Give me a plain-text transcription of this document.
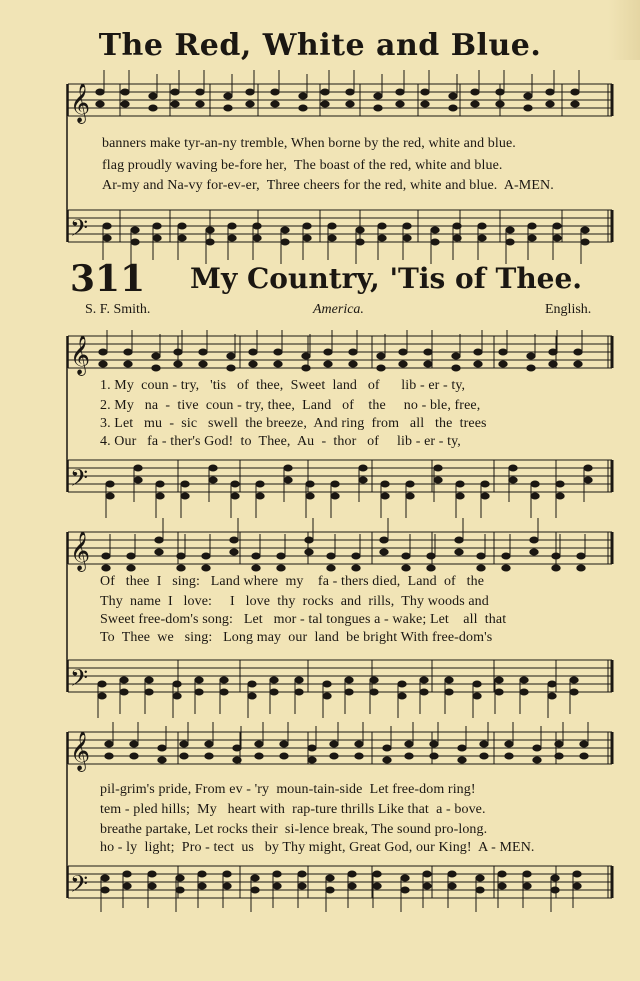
The Red, White and Blue.
banners make tyr-an-ny tremble, When borne by the red, white and blue.
flag proudly waving be-fore her,  The boast of the red, white and blue.
Ar-my and Na-vy for-ev-er,  Three cheers for the red, white and blue.  A-MEN.
311 My Country, 'Tis of Thee.
S. F. Smith.	America.	English.
1. My  coun - try,   'tis   of  thee,  Sweet  land   of      lib - er - ty,
2. My   na  -  tive  coun - try, thee,  Land   of    the     no - ble, free,
3. Let   mu  -  sic   swell  the breeze,  And ring  from   all   the  trees
4. Our   fa - ther's God!  to  Thee,  Au  -  thor   of     lib - er - ty,
Of   thee  I   sing:   Land where  my    fa - thers died,  Land  of   the
Thy  name  I   love:     I   love  thy  rocks  and  rills,  Thy woods and
Sweet free-dom's song:   Let   mor - tal tongues a - wake; Let    all  that
To  Thee  we   sing:   Long may  our  land  be bright With free-dom's
pil-grim's pride, From ev - 'ry  moun-tain-side  Let free-dom ring!
tem - pled hills;  My   heart with  rap-ture thrills Like that  a - bove.
breathe partake, Let rocks their  si-lence break, The sound pro-long.
ho - ly  light;  Pro - tect  us   by Thy might, Great God, our King!  A - MEN.
𝄞
𝄢
𝄞
𝄢
𝄞
𝄢
𝄞
𝄢
